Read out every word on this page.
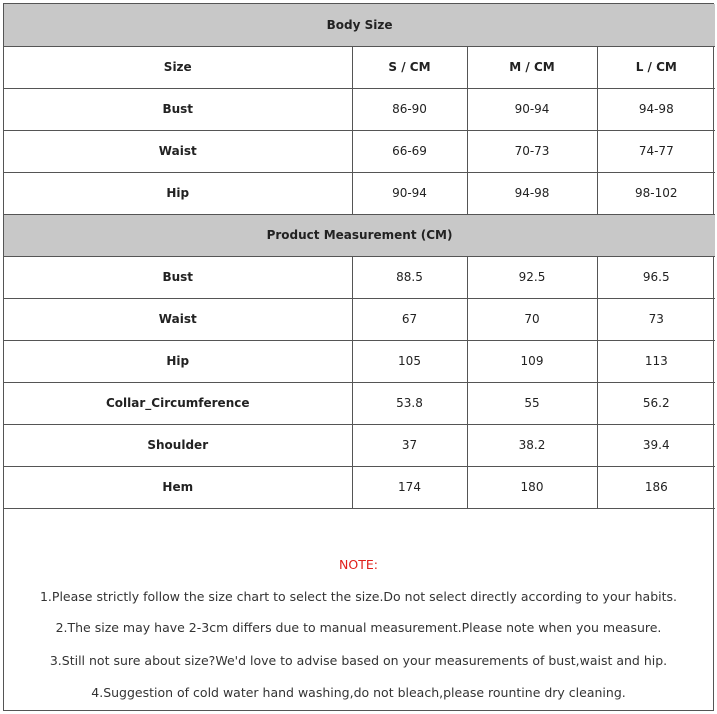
Body Size			
Size	S / CM	M / CM	L / CM
Bust	86-90	90-94	94-98
Waist	66-69	70-73	74-77
Hip	90-94	94-98	98-102
Product Measurement (CM)			
Bust	88.5	92.5	96.5
Waist	67	70	73
Hip	105	109	113
Collar_Circumference	53.8	55	56.2
Shoulder	37	38.2	39.4
Hem	174	180	186
NOTE:
1.Please strictly follow the size chart to select the size.Do not select directly according to your habits.
2.The size may have 2-3cm differs due to manual measurement.Please note when you measure.
3.Still not sure about size?We'd love to advise based on your measurements of bust,waist and hip.
4.Suggestion of cold water hand washing,do not bleach,please rountine dry cleaning.
